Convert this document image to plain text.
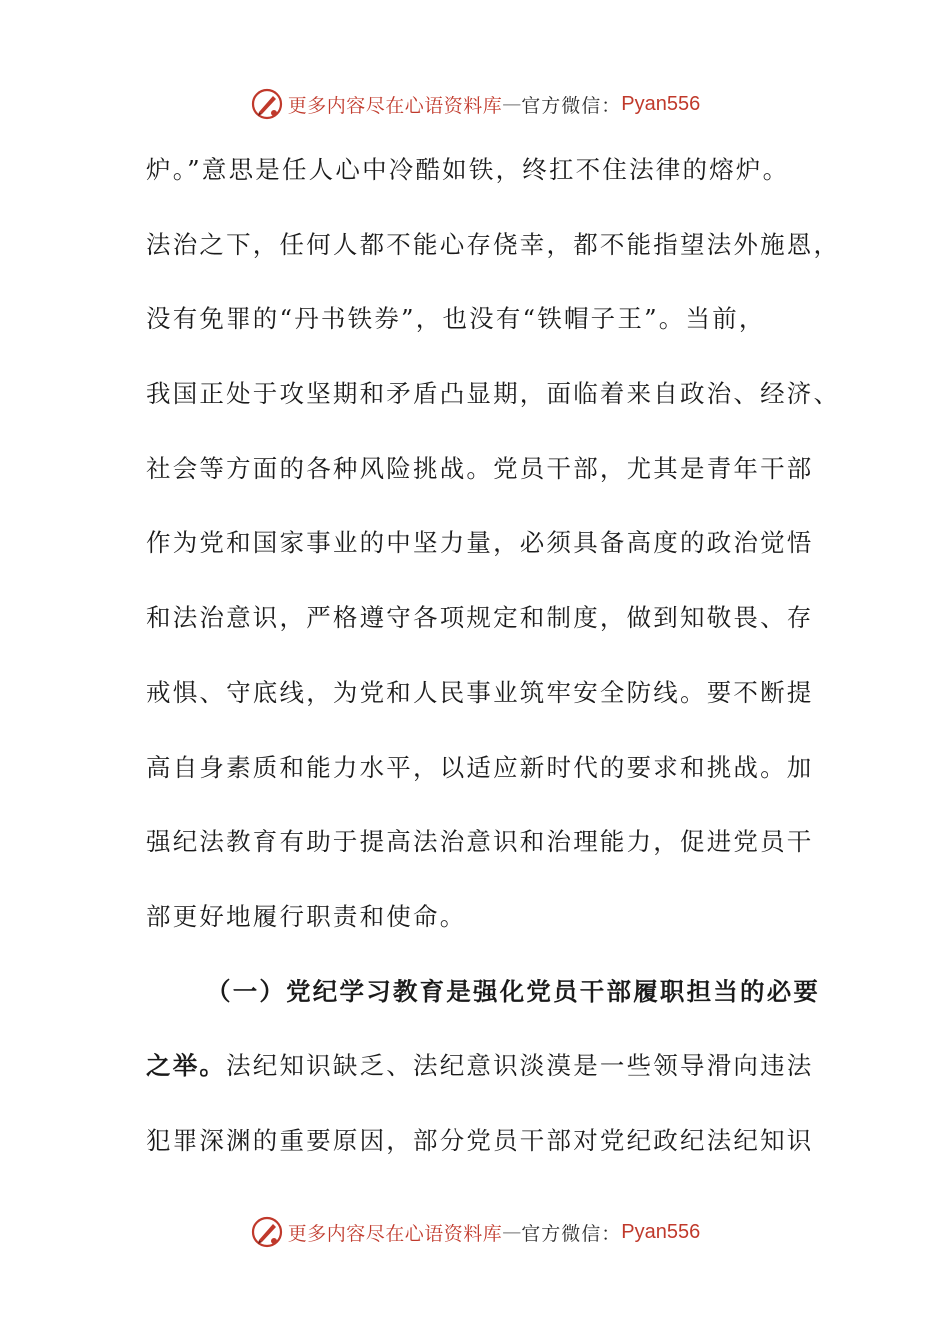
更多内容尽在心语资料库 — 官方微信： Pyan556
炉。”意思是任人心中冷酷如铁，终扛不住法律的熔炉。
法治之下，任何人都不能心存侥幸，都不能指望法外施恩，
没有免罪的“丹书铁券”，也没有“铁帽子王”。当前，
我国正处于攻坚期和矛盾凸显期，面临着来自政治、经济、
社会等方面的各种风险挑战。党员干部，尤其是青年干部
作为党和国家事业的中坚力量，必须具备高度的政治觉悟
和法治意识，严格遵守各项规定和制度，做到知敬畏、存
戒惧、守底线，为党和人民事业筑牢安全防线。要不断提
高自身素质和能力水平，以适应新时代的要求和挑战。加
强纪法教育有助于提高法治意识和治理能力，促进党员干
部更好地履行职责和使命。
（一）党纪学习教育是强化党员干部履职担当的必要
之举。法纪知识缺乏、法纪意识淡漠是一些领导滑向违法
犯罪深渊的重要原因，部分党员干部对党纪政纪法纪知识
更多内容尽在心语资料库 — 官方微信： Pyan556
